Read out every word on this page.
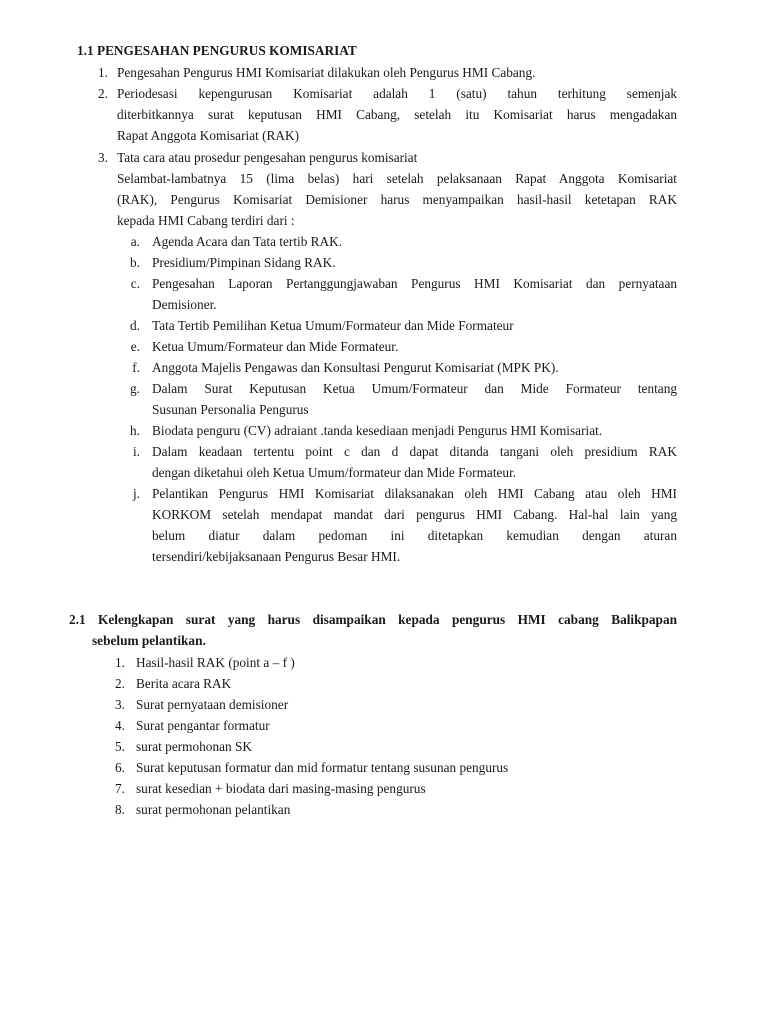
1.1 PENGESAHAN PENGURUS KOMISARIAT
1. Pengesahan Pengurus HMI Komisariat dilakukan oleh Pengurus HMI Cabang.
2. Periodesasi kepengurusan Komisariat adalah 1 (satu) tahun terhitung semenjak
diterbitkannya surat keputusan HMI Cabang, setelah itu Komisariat harus mengadakan
Rapat Anggota Komisariat (RAK)
3. Tata cara atau prosedur pengesahan pengurus komisariat
Selambat-lambatnya 15 (lima belas) hari setelah pelaksanaan Rapat Anggota Komisariat
(RAK), Pengurus Komisariat Demisioner harus menyampaikan hasil-hasil ketetapan RAK
kepada HMI Cabang terdiri dari :
a. Agenda Acara dan Tata tertib RAK.
b. Presidium/Pimpinan Sidang RAK.
c. Pengesahan Laporan Pertanggungjawaban Pengurus HMI Komisariat dan pernyataan
Demisioner.
d. Tata Tertib Pemilihan Ketua Umum/Formateur dan Mide Formateur
e. Ketua Umum/Formateur dan Mide Formateur.
f. Anggota Majelis Pengawas dan Konsultasi Pengurut Komisariat (MPK PK).
g. Dalam Surat Keputusan Ketua Umum/Formateur dan Mide Formateur tentang
Susunan Personalia Pengurus
h. Biodata penguru (CV) adraiant .tanda kesediaan menjadi Pengurus HMI Komisariat.
i. Dalam keadaan tertentu point c dan d dapat ditanda tangani oleh presidium RAK
dengan diketahui oleh Ketua Umum/formateur dan Mide Formateur.
j. Pelantikan Pengurus HMI Komisariat dilaksanakan oleh HMI Cabang atau oleh HMI
KORKOM setelah mendapat mandat dari pengurus HMI Cabang. Hal-hal lain yang
belum diatur dalam pedoman ini ditetapkan kemudian dengan aturan
tersendiri/kebijaksanaan Pengurus Besar HMI.
2.1 Kelengkapan surat yang harus disampaikan kepada pengurus HMI cabang Balikpapan
sebelum pelantikan.
1. Hasil-hasil RAK (point a – f )
2. Berita acara RAK
3. Surat pernyataan demisioner
4. Surat pengantar formatur
5. surat permohonan SK
6. Surat keputusan formatur dan mid formatur tentang susunan pengurus
7. surat kesedian + biodata dari masing-masing pengurus
8. surat permohonan pelantikan
